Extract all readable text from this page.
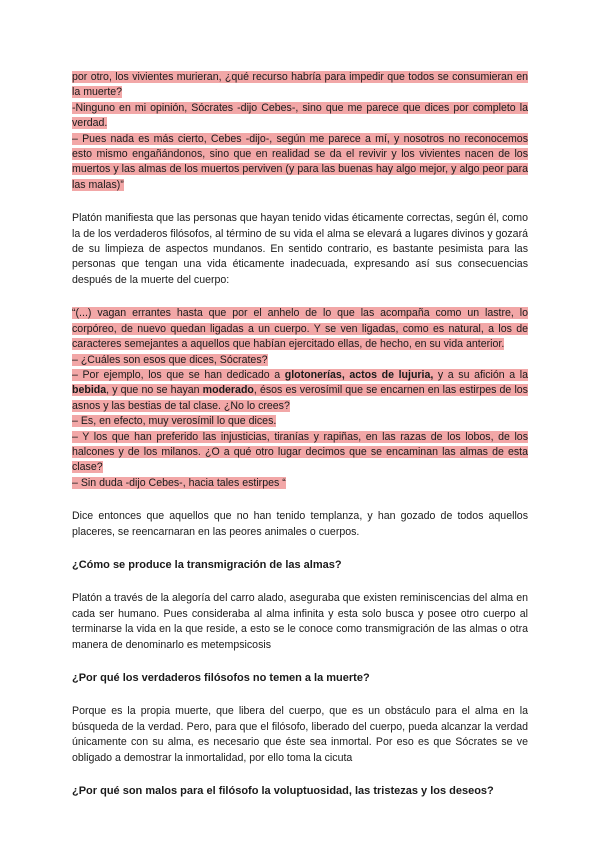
por otro, los vivientes murieran, ¿qué recurso habría para impedir que todos se consumieran en la muerte?

-Ninguno en mi opinión, Sócrates -dijo Cebes-, sino que me parece que dices por completo la verdad.

– Pues nada es más cierto, Cebes -dijo-, según me parece a mí, y nosotros no reconocemos esto mismo engañándonos, sino que en realidad se da el revivir y los vivientes nacen de los muertos y las almas de los muertos perviven (y para las buenas hay algo mejor, y algo peor para las malas)”

Platón manifiesta que las personas que hayan tenido vidas éticamente correctas, según él, como la de los verdaderos filósofos, al término de su vida el alma se elevará a lugares divinos y gozará de su limpieza de aspectos mundanos. En sentido contrario, es bastante pesimista para las personas que tengan una vida éticamente inadecuada, expresando así sus consecuencias después de la muerte del cuerpo:

“(...) vagan errantes hasta que por el anhelo de lo que las acompaña como un lastre, lo corpóreo, de nuevo quedan ligadas a un cuerpo. Y se ven ligadas, como es natural, a los de caracteres semejantes a aquellos que habían ejercitado ellas, de hecho, en su vida anterior.

– ¿Cuáles son esos que dices, Sócrates?

– Por ejemplo, los que se han dedicado a glotonerías, actos de lujuria, y a su afición a la bebida, y que no se hayan moderado, ésos es verosímil que se encarnen en las estirpes de los asnos y las bestias de tal clase. ¿No lo crees?

– Es, en efecto, muy verosímil lo que dices.

– Y los que han preferido las injusticias, tiranías y rapiñas, en las razas de los lobos, de los halcones y de los milanos. ¿O a qué otro lugar decimos que se encaminan las almas de esta clase?

– Sin duda -dijo Cebes-, hacia tales estirpes “

Dice entonces que aquellos que no han tenido templanza, y han gozado de todos aquellos placeres, se reencarnaran en las peores animales o cuerpos.

¿Cómo se produce la transmigración de las almas?

Platón a través de la alegoría del carro alado, aseguraba que existen reminiscencias del alma en cada ser humano. Pues consideraba al alma infinita y esta solo busca y posee otro cuerpo al terminarse la vida en la que reside, a esto se le conoce como transmigración de las almas o otra manera de denominarlo es metempsicosis

¿Por qué los verdaderos filósofos no temen a la muerte?

Porque es la propia muerte, que libera del cuerpo, que es un obstáculo para el alma en la búsqueda de la verdad. Pero, para que el filósofo, liberado del cuerpo, pueda alcanzar la verdad únicamente con su alma, es necesario que éste sea inmortal. Por eso es que Sócrates se ve obligado a demostrar la inmortalidad, por ello toma la cicuta

¿Por qué son malos para el filósofo la voluptuosidad, las tristezas y los deseos?
